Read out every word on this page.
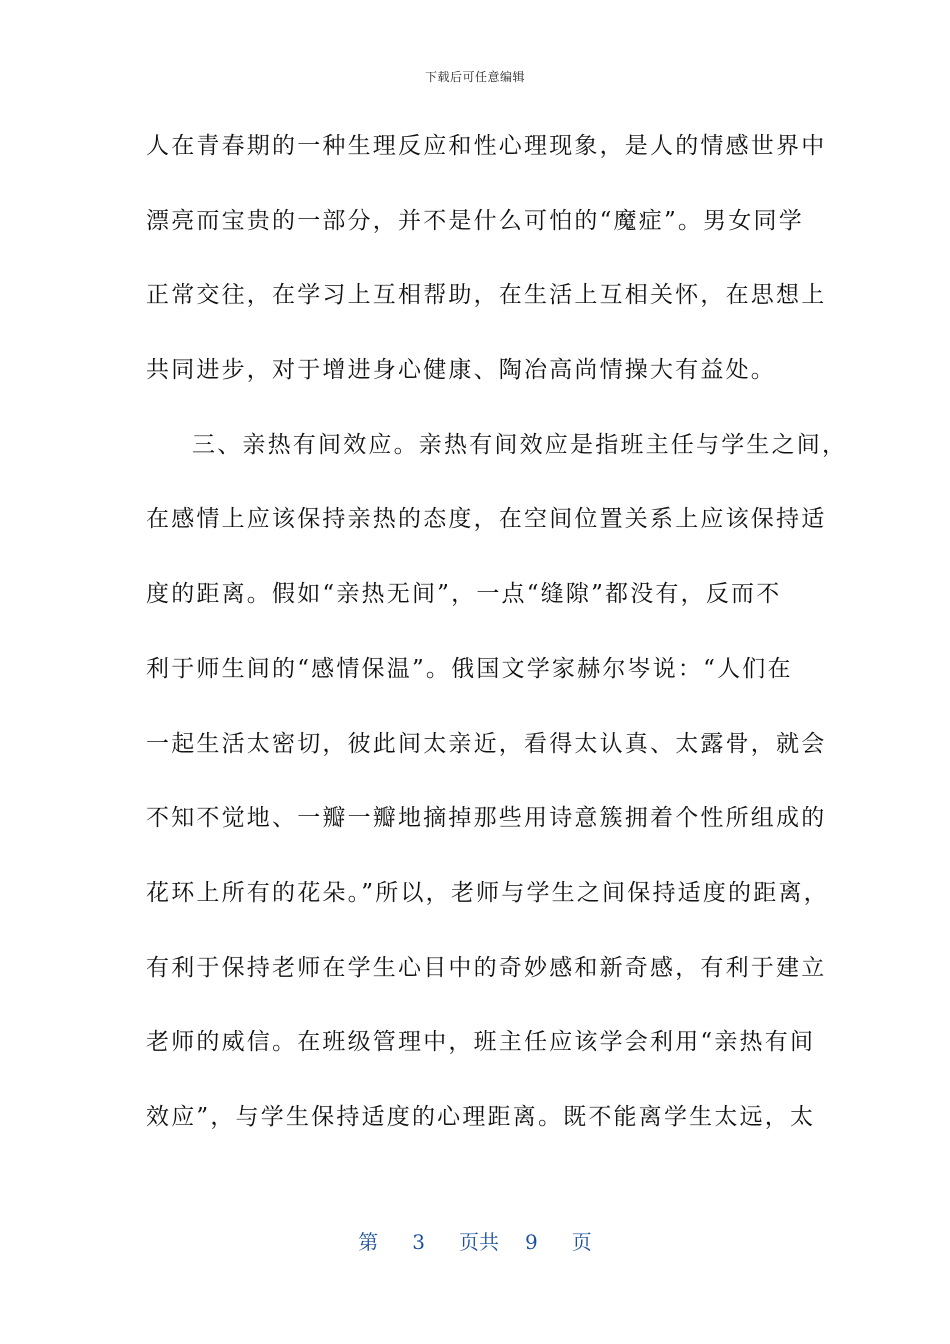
下载后可任意编辑
人在青春期的一种生理反应和性心理现象，是人的情感世界中
漂亮而宝贵的一部分，并不是什么可怕的“魔症”。男女同学
正常交往，在学习上互相帮助，在生活上互相关怀，在思想上
共同进步，对于增进身心健康、陶冶高尚情操大有益处。
三、亲热有间效应。亲热有间效应是指班主任与学生之间，
在感情上应该保持亲热的态度，在空间位置关系上应该保持适
度的距离。假如“亲热无间”，一点“缝隙”都没有，反而不
利于师生间的“感情保温”。俄国文学家赫尔岑说：“人们在
一起生活太密切，彼此间太亲近，看得太认真、太露骨，就会
不知不觉地、一瓣一瓣地摘掉那些用诗意簇拥着个性所组成的
花环上所有的花朵。”所以，老师与学生之间保持适度的距离，
有利于保持老师在学生心目中的奇妙感和新奇感，有利于建立
老师的威信。在班级管理中，班主任应该学会利用“亲热有间
效应”，与学生保持适度的心理距离。既不能离学生太远，太
第 3 页共 9 页
